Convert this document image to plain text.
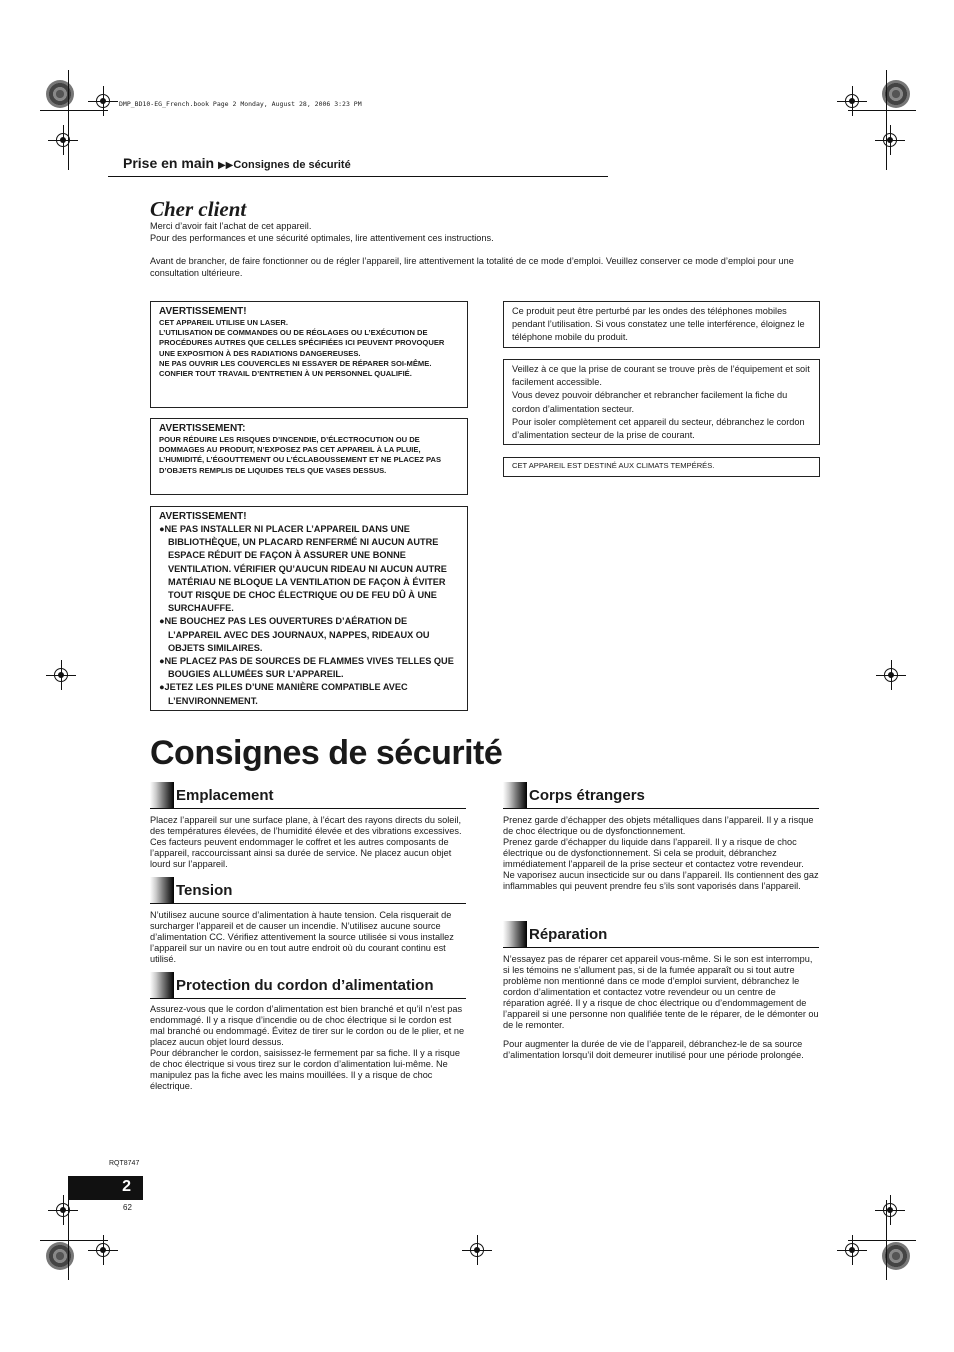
DMP_BD10-EG_French.book Page 2 Monday, August 28, 2006 3:23 PM
Prise en main ▶▶Consignes de sécurité
Cher client
Merci d’avoir fait l’achat de cet appareil.
Pour des performances et une sécurité optimales, lire attentivement ces instructions.
Avant de brancher, de faire fonctionner ou de régler l’appareil, lire attentivement la totalité de ce mode d’emploi. Veuillez conserver ce mode d’emploi pour une consultation ultérieure.
AVERTISSEMENT!
CET APPAREIL UTILISE UN LASER.
L’UTILISATION DE COMMANDES OU DE RÉGLAGES OU L’EXÉCUTION DE PROCÉDURES AUTRES QUE CELLES SPÉCIFIÉES ICI PEUVENT PROVOQUER UNE EXPOSITION À DES RADIATIONS DANGEREUSES.
NE PAS OUVRIR LES COUVERCLES NI ESSAYER DE RÉPARER SOI-MÊME. CONFIER TOUT TRAVAIL D’ENTRETIEN À UN PERSONNEL QUALIFIÉ.
AVERTISSEMENT:
POUR RÉDUIRE LES RISQUES D’INCENDIE, D’ÉLECTROCUTION OU DE DOMMAGES AU PRODUIT, N’EXPOSEZ PAS CET APPAREIL À LA PLUIE, L’HUMIDITÉ, L’ÉGOUTTEMENT OU L’ÉCLABOUSSEMENT ET NE PLACEZ PAS D’OBJETS REMPLIS DE LIQUIDES TELS QUE VASES DESSUS.
AVERTISSEMENT!
●NE PAS INSTALLER NI PLACER L’APPAREIL DANS UNE BIBLIOTHÈQUE, UN PLACARD RENFERMÉ NI AUCUN AUTRE ESPACE RÉDUIT DE FAÇON À ASSURER UNE BONNE VENTILATION. VÉRIFIER QU’AUCUN RIDEAU NI AUCUN AUTRE MATÉRIAU NE BLOQUE LA VENTILATION DE FAÇON À ÉVITER TOUT RISQUE DE CHOC ÉLECTRIQUE OU DE FEU DÛ À UNE SURCHAUFFE.
●NE BOUCHEZ PAS LES OUVERTURES D’AÉRATION DE L’APPAREIL AVEC DES JOURNAUX, NAPPES, RIDEAUX OU OBJETS SIMILAIRES.
●NE PLACEZ PAS DE SOURCES DE FLAMMES VIVES TELLES QUE BOUGIES ALLUMÉES SUR L’APPAREIL.
●JETEZ LES PILES D’UNE MANIÈRE COMPATIBLE AVEC L’ENVIRONNEMENT.
Ce produit peut être perturbé par les ondes des téléphones mobiles pendant l’utilisation. Si vous constatez une telle interférence, éloignez le téléphone mobile du produit.
Veillez à ce que la prise de courant se trouve près de l’équipement et soit facilement accessible.
Vous devez pouvoir débrancher et rebrancher facilement la fiche du cordon d’alimentation secteur.
Pour isoler complètement cet appareil du secteur, débranchez le cordon d’alimentation secteur de la prise de courant.
CET APPAREIL EST DESTINÉ AUX CLIMATS TEMPÉRÉS.
Consignes de sécurité
Emplacement
Placez l’appareil sur une surface plane, à l’écart des rayons directs du soleil, des températures élevées, de l’humidité élevée et des vibrations excessives. Ces facteurs peuvent endommager le coffret et les autres composants de l’appareil, raccourcissant ainsi sa durée de service. Ne placez aucun objet lourd sur l’appareil.
Tension
N’utilisez aucune source d’alimentation à haute tension. Cela risquerait de surcharger l’appareil et de causer un incendie. N’utilisez aucune source d’alimentation CC. Vérifiez attentivement la source utilisée si vous installez l’appareil sur un navire ou en tout autre endroit où du courant continu est utilisé.
Protection du cordon d’alimentation
Assurez-vous que le cordon d’alimentation est bien branché et qu’il n’est pas endommagé. Il y a risque d’incendie ou de choc électrique si le cordon est mal branché ou endommagé. Évitez de tirer sur le cordon ou de le plier, et ne placez aucun objet lourd dessus.
Pour débrancher le cordon, saisissez-le fermement par sa fiche. Il y a risque de choc électrique si vous tirez sur le cordon d’alimentation lui-même. Ne manipulez pas la fiche avec les mains mouillées. Il y a risque de choc électrique.
Corps étrangers
Prenez garde d’échapper des objets métalliques dans l’appareil. Il y a risque de choc électrique ou de dysfonctionnement.
Prenez garde d’échapper du liquide dans l’appareil. Il y a risque de choc électrique ou de dysfonctionnement. Si cela se produit, débranchez immédiatement l’appareil de la prise secteur et contactez votre revendeur.
Ne vaporisez aucun insecticide sur ou dans l’appareil. Ils contiennent des gaz inflammables qui peuvent prendre feu s’ils sont vaporisés dans l’appareil.
Réparation
N’essayez pas de réparer cet appareil vous-même. Si le son est interrompu, si les témoins ne s’allument pas, si de la fumée apparaît ou si tout autre problème non mentionné dans ce mode d’emploi survient, débranchez le cordon d’alimentation et contactez votre revendeur ou un centre de réparation agréé. Il y a risque de choc électrique ou d’endommagement de l’appareil si une personne non qualifiée tente de le réparer, de le démonter ou de le remonter.
Pour augmenter la durée de vie de l’appareil, débranchez-le de sa source d’alimentation lorsqu’il doit demeurer inutilisé pour une période prolongée.
RQT8747
2
62
